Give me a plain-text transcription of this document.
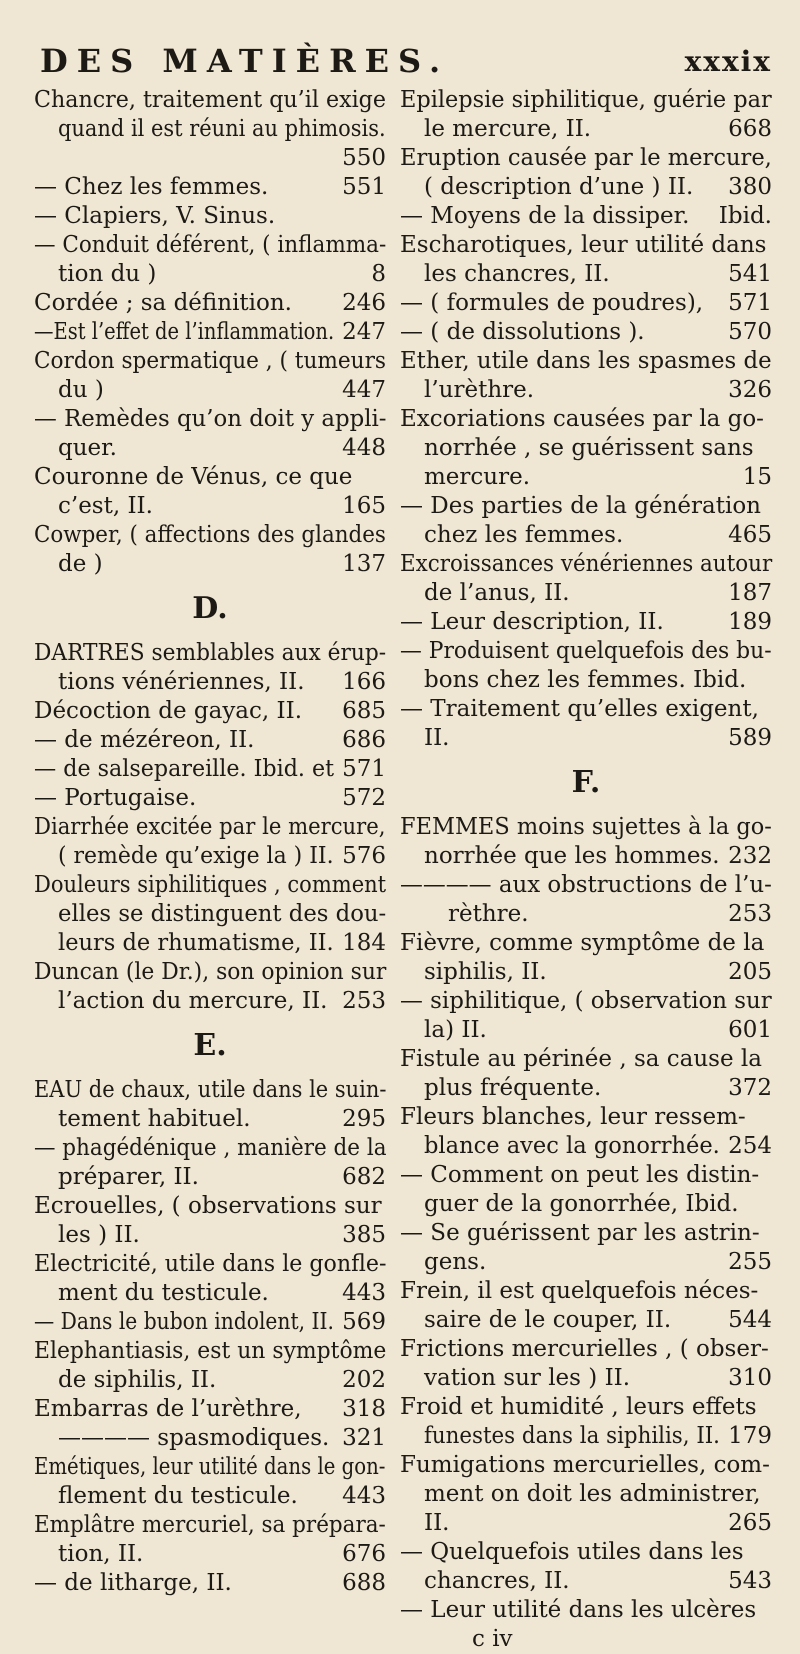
DES MATIÈRES.	xxxix
Chancre, traitement qu’il exige
quand il est réuni au phimosis.
550
— Chez les femmes.	551
— Clapiers, V. Sinus.
— Conduit déférent, ( inflamma-
tion du )	8
Cordée ; sa définition. 246
—Est l’effet de l’inflammation. 247
Cordon spermatique , ( tumeurs
du )	447
— Remèdes qu’on doit y appli-
quer.	448
Couronne de Vénus, ce que
c’est, II.	165
Cowper, ( affections des glandes
de )	137
D.
DARTRES semblables aux érup-
tions vénériennes, II. 166
Décoction de gayac, II. 685
— de mézéreon, II.	686
— de salsepareille. Ibid. et 571
— Portugaise.	572
Diarrhée excitée par le mercure,
( remède qu’exige la ) II. 576
Douleurs siphilitiques , comment
elles se distinguent des dou-
leurs de rhumatisme, II. 184
Duncan (le Dr.), son opinion sur
l’action du mercure, II. 253
E.
EAU de chaux, utile dans le suin-
tement habituel.	295
— phagédénique , manière de la
préparer, II.	682
Ecrouelles, ( observations sur
les ) II.	385
Electricité, utile dans le gonfle-
ment du testicule.	443
— Dans le bubon indolent, II. 569
Elephantiasis, est un symptôme
de siphilis, II.	202
Embarras de l’urèthre, 318
———— spasmodiques. 321
Emétiques, leur utilité dans le gon-
flement du testicule. 443
Emplâtre mercuriel, sa prépara-
tion, II.	676
— de litharge, II.	688
Epilepsie siphilitique, guérie par
le mercure, II.	668
Eruption causée par le mercure,
( description d’une ) II. 380
— Moyens de la dissiper. Ibid.
Escharotiques, leur utilité dans
les chancres, II.	541
— ( formules de poudres), 571
— ( de dissolutions ).	570
Ether, utile dans les spasmes de
l’urèthre.	326
Excoriations causées par la go-
norrhée , se guérissent sans
mercure.	15
— Des parties de la génération
chez les femmes.	465
Excroissances vénériennes autour
de l’anus, II.	187
— Leur description, II.	189
— Produisent quelquefois des bu-
bons chez les femmes. Ibid.
— Traitement qu’elles exigent,
II.	589
F.
FEMMES moins sujettes à la go-
norrhée que les hommes. 232
———— aux obstructions de l’u-
rèthre.	253
Fièvre, comme symptôme de la
siphilis, II.	205
— siphilitique, ( observation sur
la) II.	601
Fistule au périnée , sa cause la
plus fréquente.	372
Fleurs blanches, leur ressem-
blance avec la gonorrhée. 254
— Comment on peut les distin-
guer de la gonorrhée, Ibid.
— Se guérissent par les astrin-
gens.	255
Frein, il est quelquefois néces-
saire de le couper, II. 544
Frictions mercurielles , ( obser-
vation sur les ) II.	310
Froid et humidité , leurs effets
funestes dans la siphilis, II. 179
Fumigations mercurielles, com-
ment on doit les administrer,
II.	265
— Quelquefois utiles dans les
chancres, II.	543
— Leur utilité dans les ulcères
c iv
